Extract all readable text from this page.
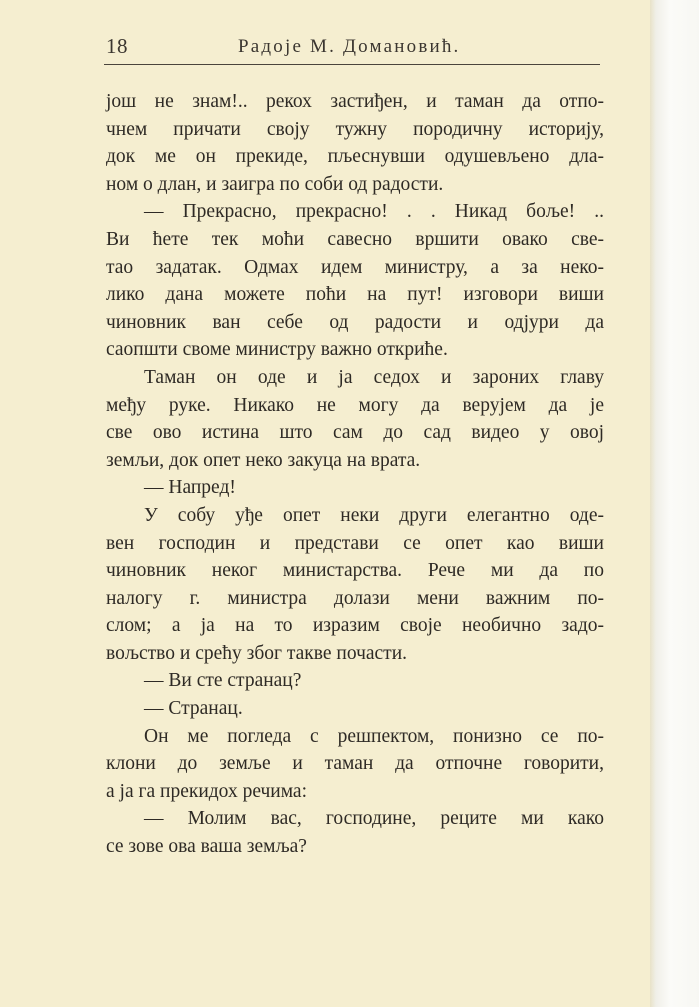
18	Радоје М. Домановић.
још не знам!.. рекох застиђен, и таман да отпо-
чнем причати своју тужну породичну историју,
док ме он прекиде, пљеснувши одушевљено дла-
ном о длан, и заигра по соби од радости.
— Прекрасно, прекрасно! . . Никад боље! ..
Ви ћете тек моћи савесно вршити овако све-
тао задатак. Одмах идем министру, а за неко-
лико дана можете поћи на пут! изговори виши
чиновник ван себе од радости и одјури да
саопшти своме министру важно откриће.
Таман он оде и ја седох и зароних главу
међу руке. Никако не могу да верујем да је
све ово истина што сам до сад видео у овој
земљи, док опет неко закуца на врата.
— Напред!
У собу уђе опет неки други елегантно оде-
вен господин и представи се опет као виши
чиновник неког министарства. Рече ми да по
налогу г. министра долази мени важним по-
слом; а ја на то изразим своје необично задо-
вољство и срећу због такве почасти.
— Ви сте странац?
— Странац.
Он ме погледа с решпектом, понизно се по-
клони до земље и таман да отпочне говорити,
а ја га прекидох речима:
— Молим вас, господине, реците ми како
се зове ова ваша земља?
